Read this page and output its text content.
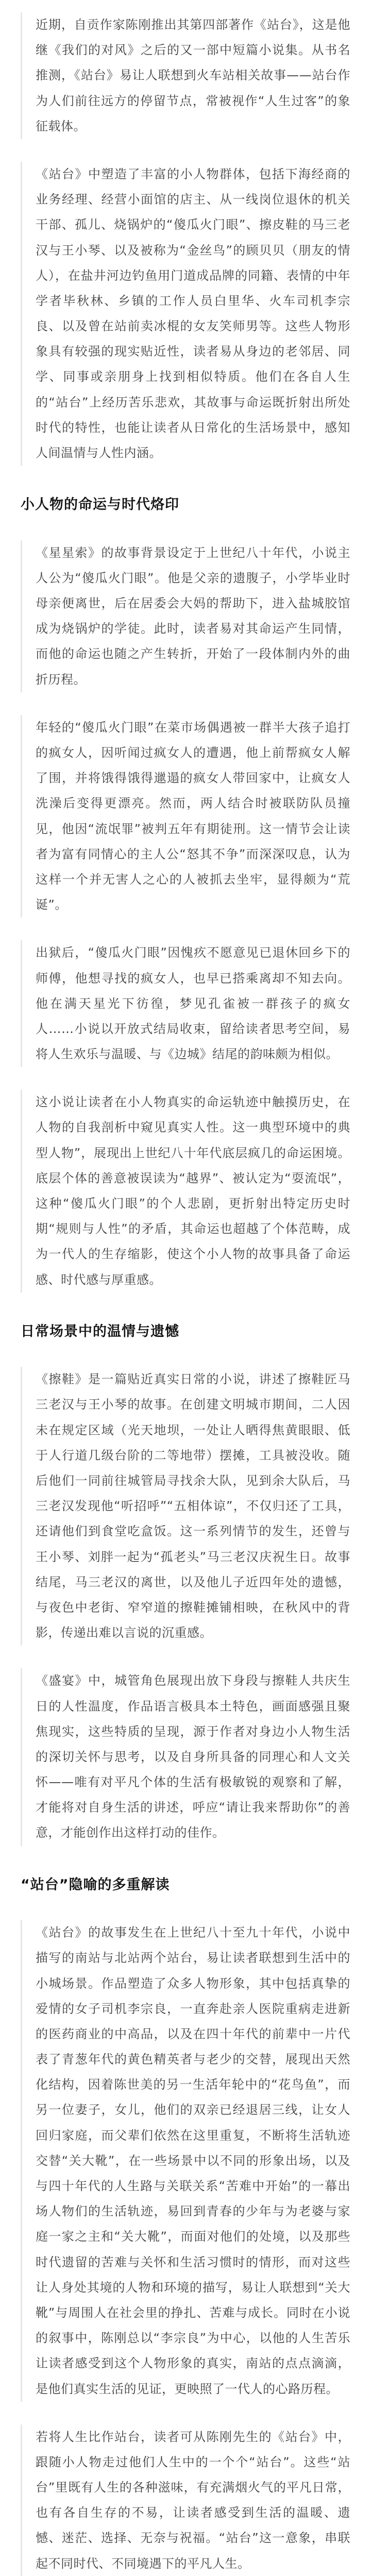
近期，自贡作家陈刚推出其第四部著作《站台》，这是他继《我们的对风》之后的又一部中短篇小说集。从书名推测，《站台》易让人联想到火车站相关故事——站台作为人们前往远方的停留节点，常被视作“人生过客”的象征载体。

《站台》中塑造了丰富的小人物群体，包括下海经商的业务经理、经营小面馆的店主、从一线岗位退休的机关干部、孤儿、烧锅炉的“傻瓜火门眼”、擦皮鞋的马三老汉与王小琴、以及被称为“金丝鸟”的顾贝贝（朋友的情人），在盐井河边钓鱼用门道成品牌的同籍、表情的中年学者毕秋林、乡镇的工作人员白里华、火车司机李宗良、以及曾在站前卖冰棍的女友笑师男等。这些人物形象具有较强的现实贴近性，读者易从身边的老邻居、同学、同事或亲朋身上找到相似特质。他们在各自人生的“站台”上经历苦乐悲欢，其故事与命运既折射出所处时代的特性，也能让读者从日常化的生活场景中，感知人间温情与人性内涵。

小人物的命运与时代烙印

《星星索》的故事背景设定于上世纪八十年代，小说主人公为“傻瓜火门眼”。他是父亲的遗腹子，小学毕业时母亲便离世，后在居委会大妈的帮助下，进入盐城胶馆成为烧锅炉的学徒。此时，读者易对其命运产生同情，而他的命运也随之产生转折，开始了一段体制内外的曲折历程。

年轻的“傻瓜火门眼”在菜市场偶遇被一群半大孩子追打的疯女人，因听闻过疯女人的遭遇，他上前帮疯女人解了围，并将饿得饿得邋遢的疯女人带回家中，让疯女人洗澡后变得更漂亮。然而，两人结合时被联防队员撞见，他因“流氓罪”被判五年有期徒刑。这一情节会让读者为富有同情心的主人公“怒其不争”而深深叹息，认为这样一个并无害人之心的人被抓去坐牢，显得颇为“荒诞”。

出狱后，“傻瓜火门眼”因愧疚不愿意见已退休回乡下的师傅，他想寻找的疯女人，也早已搭乘离却不知去向。他在满天星光下彷徨，梦见孔雀被一群孩子的疯女人……小说以开放式结局收束，留给读者思考空间，易将人生欢乐与温暖、与《边城》结尾的韵味颇为相似。

这小说让读者在小人物真实的命运轨迹中触摸历史，在人物的自我剖析中窥见真实人性。这一典型环境中的典型人物”，展现出上世纪八十年代底层疯几的命运困境。底层个体的善意被误读为“越界”、被认定为“耍流氓”，这种“傻瓜火门眼”的个人悲剧，更折射出特定历史时期“规则与人性”的矛盾，其命运也超越了个体范畴，成为一代人的生存缩影，使这个小人物的故事具备了命运感、时代感与厚重感。

日常场景中的温情与遗憾

《擦鞋》是一篇贴近真实日常的小说，讲述了擦鞋匠马三老汉与王小琴的故事。在创建文明城市期间，二人因未在规定区域（光天地坝，一处让人晒得焦黄眼眼、低于人行道几级台阶的二等地带）摆摊，工具被没收。随后他们一同前往城管局寻找余大队，见到余大队后，马三老汉发现他“听招呼”“五相体谅”，不仅归还了工具，还请他们到食堂吃盒饭。这一系列情节的发生，还曾与王小琴、刘胖一起为“孤老头”马三老汉庆祝生日。故事结尾，马三老汉的离世，以及他儿子近四年处的遗憾，与夜色中老街、窄窄道的擦鞋摊铺相映，在秋风中的背影，传递出难以言说的沉重感。

《盛宴》中，城管角色展现出放下身段与擦鞋人共庆生日的人性温度，作品语言极具本土特色，画面感强且聚焦现实，这些特质的呈现，源于作者对身边小人物生活的深切关怀与思考，以及自身所具备的同理心和人文关怀——唯有对平凡个体的生活有极敏锐的观察和了解，才能将对自身生活的讲述，呼应“请让我来帮助你”的善意，才能创作出这样打动的佳作。

“站台”隐喻的多重解读

《站台》的故事发生在上世纪八十至九十年代，小说中描写的南站与北站两个站台，易让读者联想到生活中的小城场景。作品塑造了众多人物形象，其中包括真挚的爱情的女子司机李宗良，一直奔赴亲人医院重病走进新的医药商业的中高品，以及在四十年代的前辈中一片代表了青葱年代的黄色精英者与老少的交替，展现出天然化结构，因着陈世美的另一生活年轮中的“花鸟鱼”，而另一位妻子，女儿，他们的双亲已经退居三线，让女人回归家庭，而父辈们依然在这里重复，不断将生活轨迹交替“关大靴”，在一些场景中以不同的形象出场，以及与四十年代的人生路与关联关系“苦难中开始”的一幕出场人物们的生活轨迹，易回到青春的少年与为老婆与家庭一家之主和“关大靴”，而面对他们的处境，以及那些时代遗留的苦难与关怀和生活习惯时的情形，而对这些让人身处其境的人物和环境的描写，易让人联想到“关大靴”与周围人在社会里的挣扎、苦难与成长。同时在小说的叙事中，陈刚总以“李宗良”为中心，以他的人生苦乐让读者感受到这个人物形象的真实，南站的点点滴滴，是他们真实生活的见证，更映照了一代人的心路历程。

若将人生比作站台，读者可从陈刚先生的《站台》中，跟随小人物走过他们人生中的一个个“站台”。这些“站台”里既有人生的各种滋味，有充满烟火气的平凡日常，也有各自生存的不易，让读者感受到生活的温暖、遗憾、迷茫、选择、无奈与祝福。“站台”这一意象，串联起不同时代、不同境遇下的平凡人生。
